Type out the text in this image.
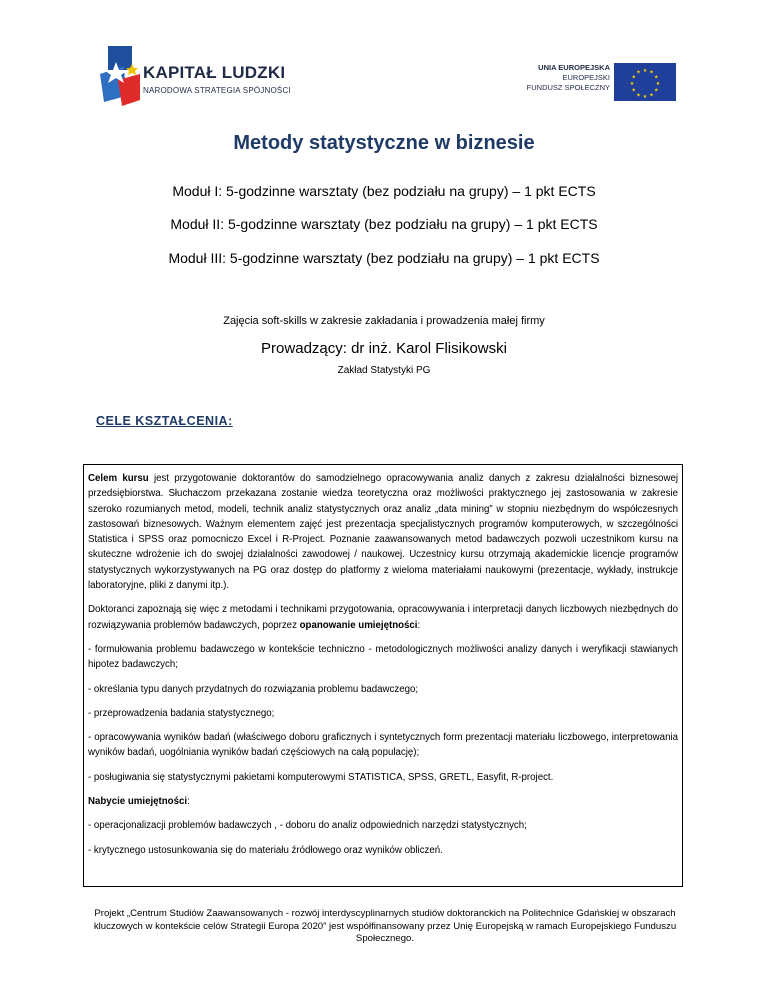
KAPITAŁ LUDZKI
NARODOWA STRATEGIA SPÓJNOŚCI
UNIA EUROPEJSKA
EUROPEJSKI
FUNDUSZ SPOŁECZNY
★ ★
★
★
★
★
★
★
★
★
★
★
Metody statystyczne w biznesie
Moduł I: 5-godzinne warsztaty (bez podziału na grupy) – 1 pkt ECTS
Moduł II: 5-godzinne warsztaty (bez podziału na grupy) – 1 pkt ECTS
Moduł III: 5-godzinne warsztaty (bez podziału na grupy) – 1 pkt ECTS
Zajęcia soft-skills w zakresie zakładania i prowadzenia małej firmy
Prowadzący: dr inż. Karol Flisikowski
Zakład Statystyki PG
CELE KSZTAŁCENIA:

Celem kursu jest przygotowanie doktorantów do samodzielnego opracowywania analiz danych z zakresu działalności biznesowej przedsiębiorstwa. Słuchaczom przekazana zostanie wiedza teoretyczna oraz możliwości praktycznego jej zastosowania w zakresie szeroko rozumianych metod, modeli, technik analiz statystycznych oraz analiz „data mining” w stopniu niezbędnym do współczesnych zastosowań biznesowych. Ważnym elementem zajęć jest prezentacja specjalistycznych programów komputerowych, w szczególności Statistica i SPSS oraz pomocniczo Excel i R-Project. Poznanie zaawansowanych metod badawczych pozwoli uczestnikom kursu na skuteczne wdrożenie ich do swojej działalności zawodowej / naukowej. Uczestnicy kursu otrzymają akademickie licencje programów statystycznych wykorzystywanych na PG oraz dostęp do platformy z wieloma materiałami naukowymi (prezentacje, wykłady, instrukcje laboratoryjne, pliki z danymi itp.).

Doktoranci zapoznają się więc z metodami i technikami przygotowania, opracowywania i interpretacji danych liczbowych niezbędnych do rozwiązywania problemów badawczych, poprzez opanowanie umiejętności:

- formułowania problemu badawczego w kontekście techniczno - metodologicznych możliwości analizy danych i weryfikacji stawianych hipotez badawczych;

- określania typu danych przydatnych do rozwiązania problemu badawczego;

- przeprowadzenia badania statystycznego;

- opracowywania wyników badań (właściwego doboru graficznych i syntetycznych form prezentacji materiału liczbowego, interpretowania wyników badań, uogólniania wyników badań częściowych na całą populację);

- posługiwania się statystycznymi pakietami komputerowymi STATISTICA, SPSS, GRETL, Easyfit, R-project.

Nabycie umiejętności:

- operacjonalizacji problemów badawczych , - doboru do analiz odpowiednich narzędzi statystycznych;

- krytycznego ustosunkowania się do materiału źródłowego oraz wyników obliczeń.

Projekt „Centrum Studiów Zaawansowanych - rozwój interdyscyplinarnych studiów doktoranckich na Politechnice Gdańskiej w obszarach kluczowych w kontekście celów Strategii Europa 2020” jest współfinansowany przez Unię Europejską w ramach Europejskiego Funduszu Społecznego.
